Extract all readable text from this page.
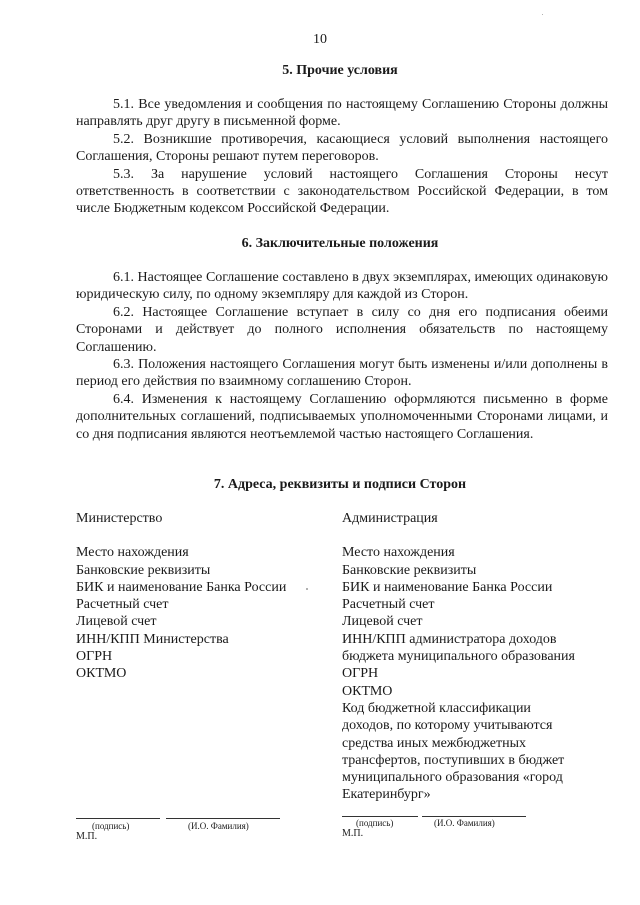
10
5. Прочие условия

5.1. Все уведомления и сообщения по настоящему Соглашению Стороны должны направлять друг другу в письменной форме.

5.2. Возникшие противоречия, касающиеся условий выполнения настоящего Соглашения, Стороны решают путем переговоров.

5.3. За нарушение условий настоящего Соглашения Стороны несут ответственность в соответствии с законодательством Российской Федерации, в том числе Бюджетным кодексом Российской Федерации.

6. Заключительные положения

6.1. Настоящее Соглашение составлено в двух экземплярах, имеющих одинаковую юридическую силу, по одному экземпляру для каждой из Сторон.

6.2. Настоящее Соглашение вступает в силу со дня его подписания обеими Сторонами и действует до полного исполнения обязательств по настоящему Соглашению.

6.3. Положения настоящего Соглашения могут быть изменены и/или дополнены в период его действия по взаимному соглашению Сторон.

6.4. Изменения к настоящему Соглашению оформляются письменно в форме дополнительных соглашений, подписываемых уполномоченными Сторонами лицами, и со дня подписания являются неотъемлемой частью настоящего Соглашения.

7. Адреса, реквизиты и подписи Сторон
Министерство
Место нахождения
Банковские реквизиты
БИК и наименование Банка России
Расчетный счет
Лицевой счет
ИНН/КПП Министерства
ОГРН
ОКТМО
Администрация
Место нахождения
Банковские реквизиты
БИК и наименование Банка России
Расчетный счет
Лицевой счет
ИНН/КПП администратора доходов
бюджета муниципального образования
ОГРН
ОКТМО
Код бюджетной классификации
доходов, по которому учитываются
средства иных межбюджетных
трансфертов, поступивших в бюджет
муниципального образования «город
Екатеринбург»
(подпись)	(И.О. Фамилия)
М.П.
(подпись)	(И.О. Фамилия)
М.П.
